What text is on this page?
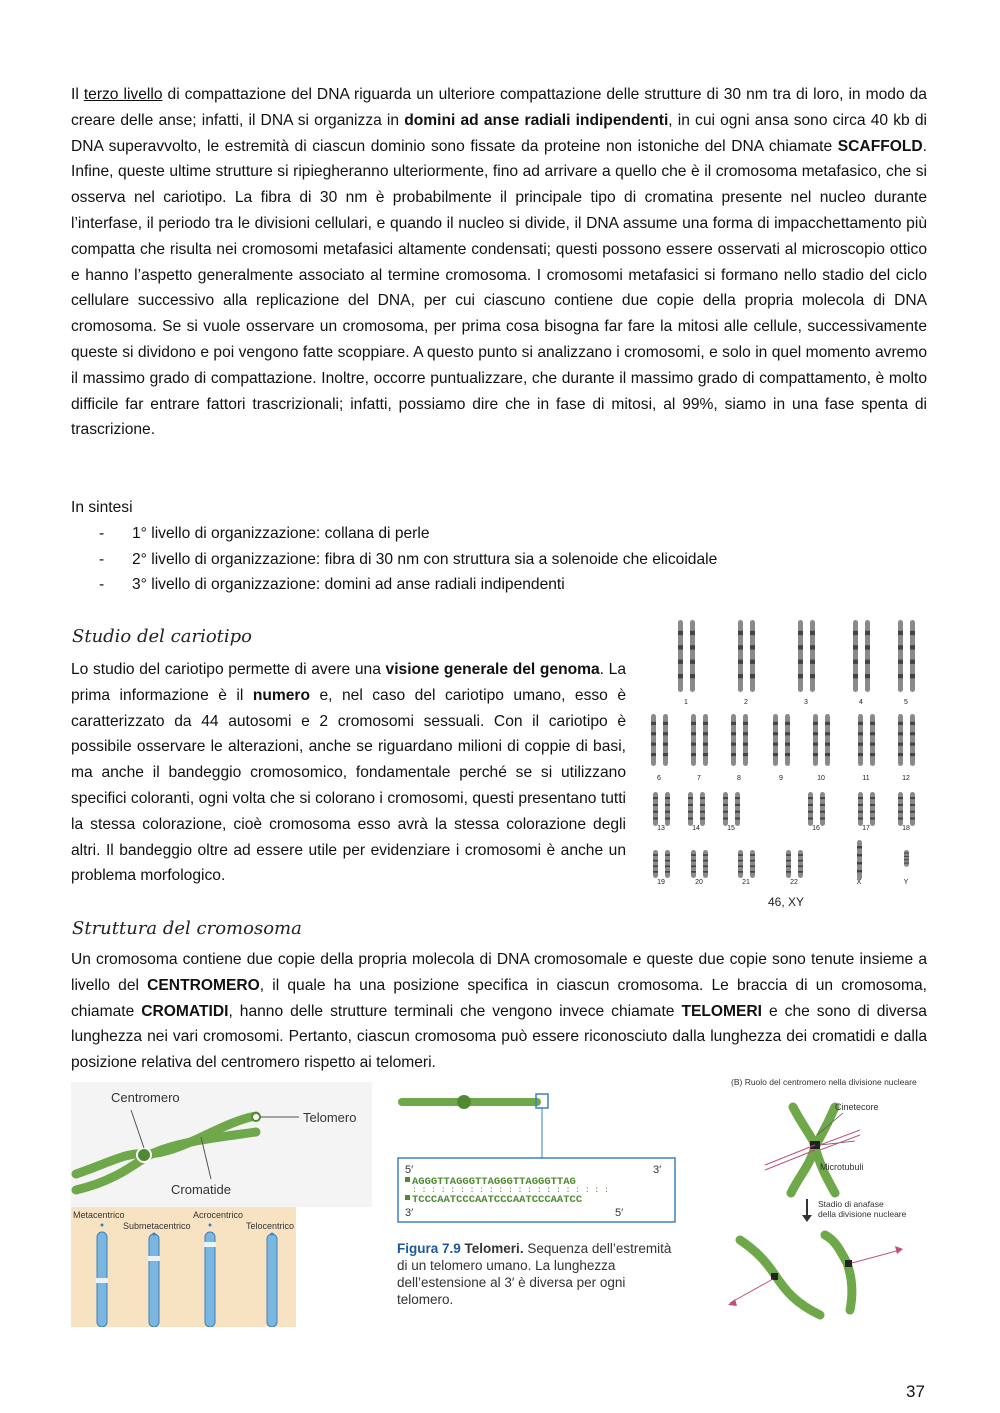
Il terzo livello di compattazione del DNA riguarda un ulteriore compattazione delle strutture di 30 nm tra di loro, in modo da creare delle anse; infatti, il DNA si organizza in domini ad anse radiali indipendenti, in cui ogni ansa sono circa 40 kb di DNA superavvolto, le estremità di ciascun dominio sono fissate da proteine non istoniche del DNA chiamate SCAFFOLD. Infine, queste ultime strutture si ripiegheranno ulteriormente, fino ad arrivare a quello che è il cromosoma metafasico, che si osserva nel cariotipo. La fibra di 30 nm è probabilmente il principale tipo di cromatina presente nel nucleo durante l’interfase, il periodo tra le divisioni cellulari, e quando il nucleo si divide, il DNA assume una forma di impacchettamento più compatta che risulta nei cromosomi metafasici altamente condensati; questi possono essere osservati al microscopio ottico e hanno l’aspetto generalmente associato al termine cromosoma. I cromosomi metafasici si formano nello stadio del ciclo cellulare successivo alla replicazione del DNA, per cui ciascuno contiene due copie della propria molecola di DNA cromosoma. Se si vuole osservare un cromosoma, per prima cosa bisogna far fare la mitosi alle cellule, successivamente queste si dividono e poi vengono fatte scoppiare. A questo punto si analizzano i cromosomi, e solo in quel momento avremo il massimo grado di compattazione. Inoltre, occorre puntualizzare, che durante il massimo grado di compattamento, è molto difficile far entrare fattori trascrizionali; infatti, possiamo dire che in fase di mitosi, al 99%, siamo in una fase spenta di trascrizione.
In sintesi
- 1° livello di organizzazione: collana di perle
- 2° livello di organizzazione: fibra di 30 nm con struttura sia a solenoide che elicoidale
- 3° livello di organizzazione: domini ad anse radiali indipendenti
Studio del cariotipo
Lo studio del cariotipo permette di avere una visione generale del genoma. La prima informazione è il numero e, nel caso del cariotipo umano, esso è caratterizzato da 44 autosomi e 2 cromosomi sessuali. Con il cariotipo è possibile osservare le alterazioni, anche se riguardano milioni di coppie di basi, ma anche il bandeggio cromosomico, fondamentale perché se si utilizzano specifici coloranti, ogni volta che si colorano i cromosomi, questi presentano tutti la stessa colorazione, cioè cromosoma esso avrà la stessa colorazione degli altri. Il bandeggio oltre ad essere utile per evidenziare i cromosomi è anche un problema morfologico.
1	2	3	4	5
6	7	8	9	10	11	12
13	14	15	16	17	18
19	20	21	22	X	Y
46, XY
Struttura del cromosoma
Un cromosoma contiene due copie della propria molecola di DNA cromosomale e queste due copie sono tenute insieme a livello del CENTROMERO, il quale ha una posizione specifica in ciascun cromosoma. Le braccia di un cromosoma, chiamate CROMATIDI, hanno delle strutture terminali che vengono invece chiamate TELOMERI e che sono di diversa lunghezza nei vari cromosomi. Pertanto, ciascun cromosoma può essere riconosciuto dalla lunghezza dei cromatidi e dalla posizione relativa del centromero rispetto ai telomeri.
Centromero
Telomero
Cromatide
Metacentrico
Submetacentrico
Acrocentrico
Telocentrico
5′	3′
AGGGTTAGGGTTAGGGTTAGGGTTAG
: : : : : : : : : : : : : : : : : : : : :
TCCCAATCCCAATCCCAATCCCAATCC
3′	5′
Figura 7.9 Telomeri. Sequenza dell’estremità di un telomero umano. La lunghezza dell’estensione al 3′ è diversa per ogni telomero.
(B) Ruolo del centromero nella divisione nucleare
Cinetecore
Microtubuli
Stadio di anafase
della divisione nucleare
37
